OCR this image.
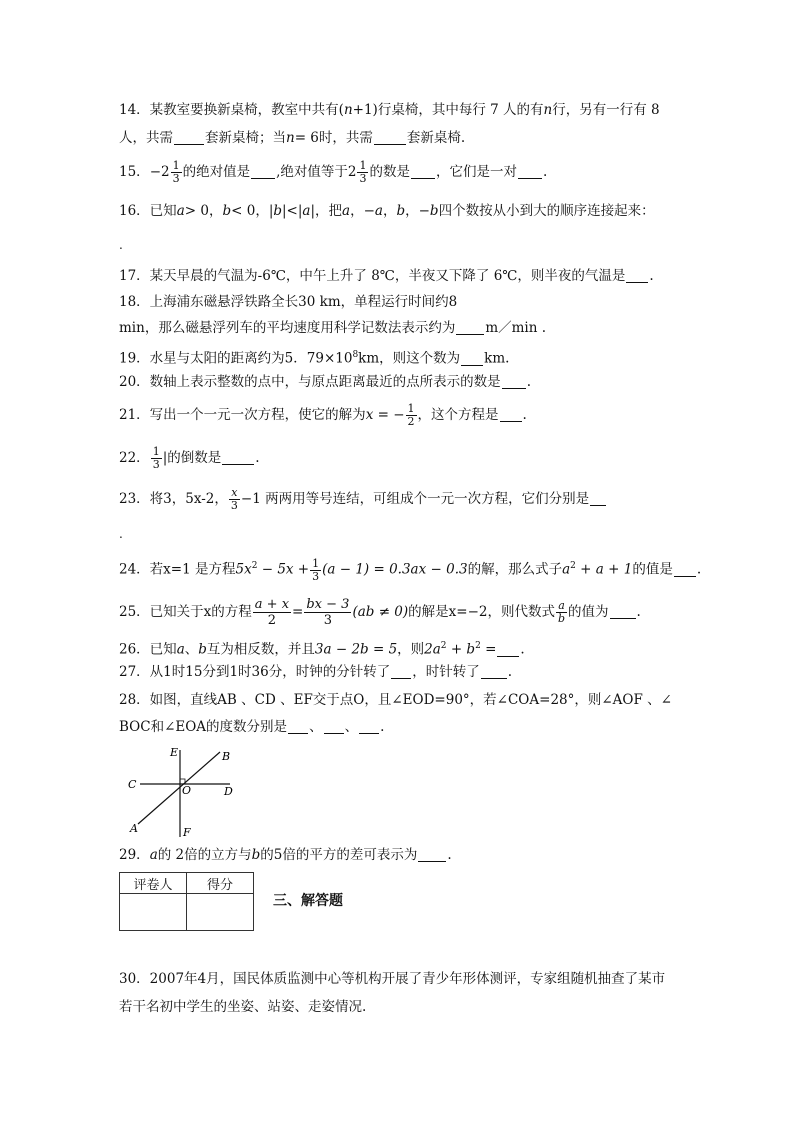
14．某教室要换新桌椅，教室中共有(n+1)行桌椅，其中每行 7 人的有n行，另有一行有 8
人，共需 套新桌椅；当n= 6时，共需	套新桌椅.
15．$-2 \frac{1}{3}$ 的绝对值是 ,绝对值等于$2 \frac{1}{3}$ 的数是 ，它们是一对 .
16．已知a> 0，b< 0，|b|<|a|，把a，−a，b，−b四个数按从小到大的顺序连接起来：
.
17．某天早晨的气温为-6℃，中午上升了 8℃，半夜又下降了 6℃，则半夜的气温是 .
18．上海浦东磁悬浮铁路全长30 km，单程运行时间约8
min，那么磁悬浮列车的平均速度用科学记数法表示约为 m／min .
19．水星与太阳的距离约为5．$79\times 10^8km$，则这个数为 km.
20．数轴上表示整数的点中，与原点距离最近的点所表示的数是 .
21．写出一个一元一次方程，使它的解为x = − $\frac{1}{2}$ ，这个方程是 .
22． $\frac{1}{3}$ |的倒数是	.
23．将3，5x-2， $\frac{x}{3} -1$ 两两用等号连结，可组成个一元一次方程，它们分别是
.
24．若x=1 是方程$5x^2 - 5x + \frac{1}{3} (a - 1) = 0.3ax - 0.3$的解，那么式子$a^2 + a + 1$的值是 .
25．已知关于x的方程 $\frac{a + x}{2} = \frac{bx - 3}{3} (ab \ne 0)$的解是x=−2，则代数式 $\frac{a}{b}$ 的值为 .
26．已知a、b互为相反数，并且3a − 2b = 5，则$2a^2 + b^2$ = .
27．从1时15分到1时36分，时钟的分针转了 ，时针转了 .
28．如图，直线AB 、CD 、EF交于点O，且∠EOD=90°，若∠COA=28°，则∠AOF 、∠
BOC和∠EOA的度数分别是 、 、 .
E	B
C	O	D
A	F
29．a的 2倍的立方与b的5倍的平方的差可表示为 .
评卷人	得分

三、解答题
30．2007年4月，国民体质监测中心等机构开展了青少年形体测评，专家组随机抽查了某市
若干名初中学生的坐姿、站姿、走姿情况.
